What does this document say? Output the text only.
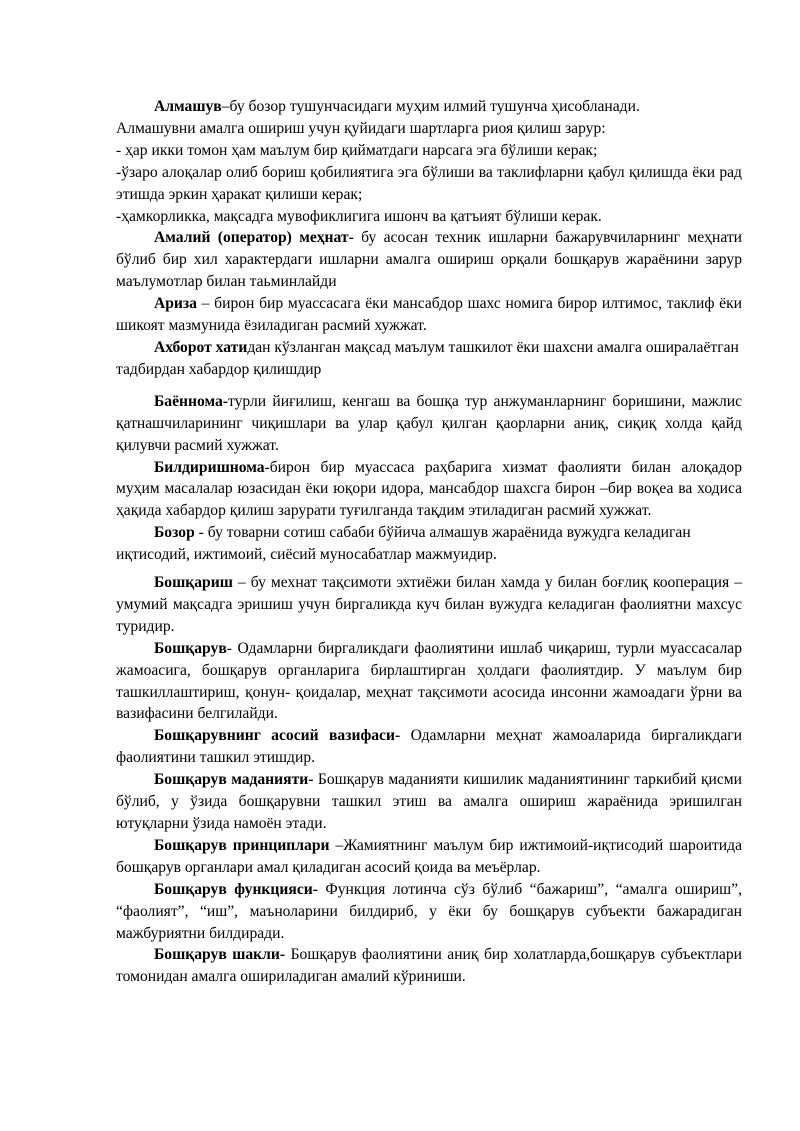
Алмашув–бу бозор тушунчасидаги муҳим илмий тушунча ҳисобланади.

Алмашувни амалга ошириш учун қуйидаги шартларга риоя қилиш зарур:

- ҳар икки томон ҳам маълум бир қийматдаги нарсага эга бўлиши керак;

-ўзаро алоқалар олиб бориш қобилиятига эга бўлиши ва таклифларни қабул қилишда ёки рад этишда эркин ҳаракат қилиши керак;

-ҳамкорликка, мақсадга мувофиклигига ишонч ва қатъият бўлиши керак.

Амалий (оператор) меҳнат- бу асосан техник ишларни бажарувчиларнинг меҳнати бўлиб бир хил характердаги ишларни амалга ошириш орқали бошқарув жараёнини зарур маълумотлар билан таьминлайди

Ариза – бирон бир муассасага ёки мансабдор шахс номига бирор илтимос, таклиф ёки шикоят мазмунида ёзиладиган расмий хужжат.

Ахборот хатидан кўзланган мақсад маълум ташкилот ёки шахсни амалга оширалаётган тадбирдан хабардор қилишдир

Баённома-турли йиғилиш, кенгаш ва бошқа тур анжуманларнинг боришини, мажлис қатнашчиларининг чиқишлари ва улар қабул қилган қаорларни аниқ, сиқиқ холда қайд қилувчи расмий хужжат.

Билдиришнома-бирон бир муассаса раҳбарига хизмат фаолияти билан алоқадор муҳим масалалар юзасидан ёки юқори идора, мансабдор шахсга бирон –бир воқеа ва ходиса ҳақида хабардор қилиш зарурати туғилганда тақдим этиладиган расмий хужжат.

Бозор - бу товарни сотиш сабаби бўйича алмашув жараёнида вужудга келадиган иқтисодий, ижтимоий, сиёсий муносабатлар мажмуидир.

Бошқариш – бу мехнат тақсимоти эхтиёжи билан хамда у билан боғлиқ кооперация – умумий мақсадга эришиш учун биргаликда куч билан вужудга келадиган фаолиятни махсус туридир.

Бошқарув- Одамларни биргаликдаги фаолиятини ишлаб чиқариш, турли муассасалар жамоасига, бошқарув органларига бирлаштирган ҳолдаги фаолиятдир. У маълум бир ташкиллаштириш, қонун- қоидалар, меҳнат тақсимоти асосида инсонни жамоадаги ўрни ва вазифасини белгилайди.

Бошқарувнинг асосий вазифаси- Одамларни меҳнат жамоаларида биргаликдаги фаолиятини ташкил этишдир.

Бошқарув маданияти- Бошқарув маданияти кишилик маданиятининг таркибий қисми бўлиб, у ўзида бошқарувни ташкил этиш ва амалга ошириш жараёнида эришилган ютуқларни ўзида намоён этади.

Бошқарув принциплари –Жамиятнинг маълум бир ижтимоий-иқтисодий шароитида бошқарув органлари амал қиладиган асосий қоида ва меъёрлар.

Бошқарув функцияси- Функция лотинча сўз бўлиб “бажариш”, “амалга ошириш”, “фаолият”, “иш”, маъноларини билдириб, у ёки бу бошқарув субъекти бажарадиган мажбуриятни билдиради.

Бошқарув шакли- Бошқарув фаолиятини аниқ бир холатларда,бошқарув субъектлари томонидан амалга ошириладиган амалий кўриниши.
